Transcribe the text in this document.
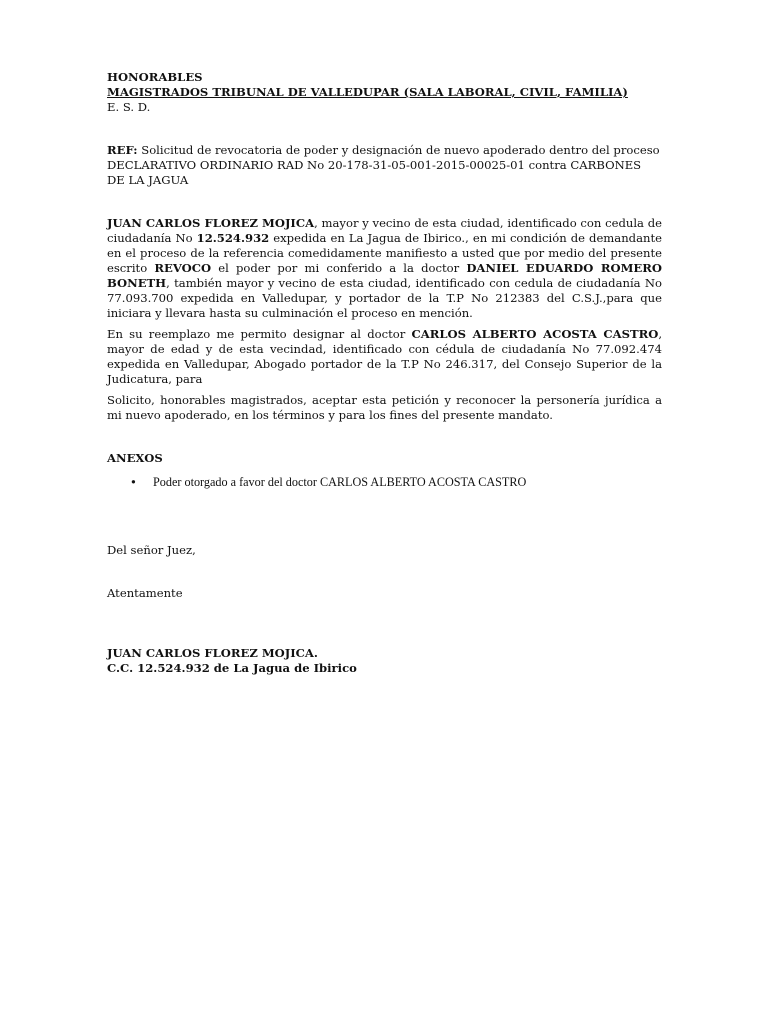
HONORABLES
MAGISTRADOS TRIBUNAL DE VALLEDUPAR (SALA LABORAL, CIVIL, FAMILIA)
E. S. D.

REF: Solicitud de revocatoria de poder y designación de nuevo apoderado dentro del proceso DECLARATIVO ORDINARIO RAD No 20-178-31-05-001-2015-00025-01 contra CARBONES DE LA JAGUA

JUAN CARLOS FLOREZ MOJICA, mayor y vecino de esta ciudad, identificado con cedula de ciudadanía No 12.524.932 expedida en La Jagua de Ibirico., en mi condición de demandante en el proceso de la referencia comedidamente manifiesto a usted que por medio del presente escrito REVOCO el poder por mi conferido a la doctor DANIEL EDUARDO ROMERO BONETH, también mayor y vecino de esta ciudad, identificado con cedula de ciudadanía No 77.093.700 expedida en Valledupar, y portador de la T.P No 212383 del C.S.J.,para que iniciara y llevara hasta su culminación el proceso en mención.

En su reemplazo me permito designar al doctor CARLOS ALBERTO ACOSTA CASTRO, mayor de edad y de esta vecindad, identificado con cédula de ciudadanía No 77.092.474 expedida en Valledupar, Abogado portador de la T.P No 246.317, del Consejo Superior de la Judicatura, para

Solicito, honorables magistrados, aceptar esta petición y reconocer la personería jurídica a mi nuevo apoderado, en los términos y para los fines del presente mandato.

ANEXOS
•	Poder otorgado a favor del doctor CARLOS ALBERTO ACOSTA CASTRO
Del señor Juez,
Atentamente
JUAN CARLOS FLOREZ MOJICA.
C.C. 12.524.932 de La Jagua de Ibirico
